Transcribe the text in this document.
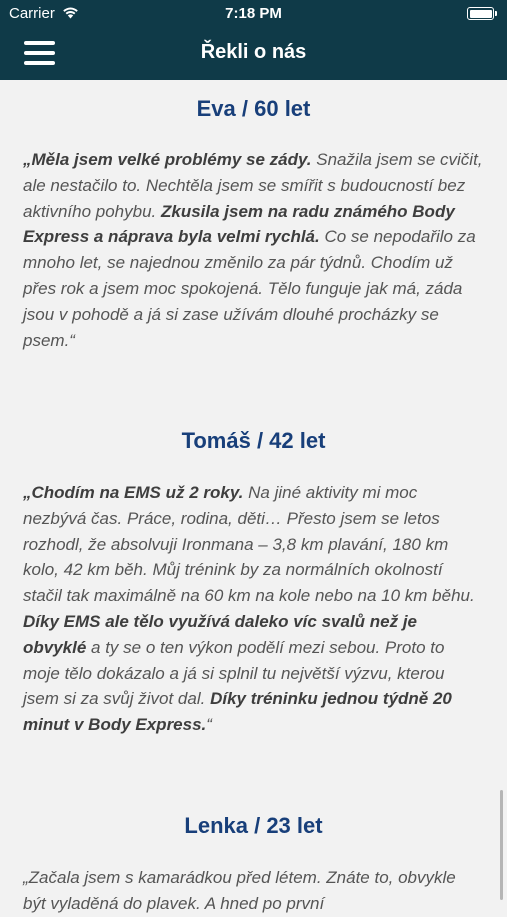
Carrier	7:18 PM
Řekli o nás
Eva / 60 let

„Měla jsem velké problémy se zády. Snažila jsem se cvičit, ale nestačilo to. Nechtěla jsem se smířit s budoucností bez aktivního pohybu. Zkusila jsem na radu známého Body Express a náprava byla velmi rychlá. Co se nepodařilo za mnoho let, se najednou změnilo za pár týdnů. Chodím už přes rok a jsem moc spokojená. Tělo funguje jak má, záda jsou v pohodě a já si zase užívám dlouhé procházky se psem.“

Tomáš / 42 let

„Chodím na EMS už 2 roky. Na jiné aktivity mi moc nezbývá čas. Práce, rodina, děti… Přesto jsem se letos rozhodl, že absolvuji Ironmana – 3,8 km plavání, 180 km kolo, 42 km běh. Můj trénink by za normálních okolností stačil tak maximálně na 60 km na kole nebo na 10 km běhu. Díky EMS ale tělo využívá daleko víc svalů než je obvyklé a ty se o ten výkon podělí mezi sebou. Proto to moje tělo dokázalo a já si splnil tu největší výzvu, kterou jsem si za svůj život dal. Díky tréninku jednou týdně 20 minut v Body Express.“

Lenka / 23 let

„Začala jsem s kamarádkou před létem. Znáte to, obvykle být vyladěná do plavek. A hned po první
